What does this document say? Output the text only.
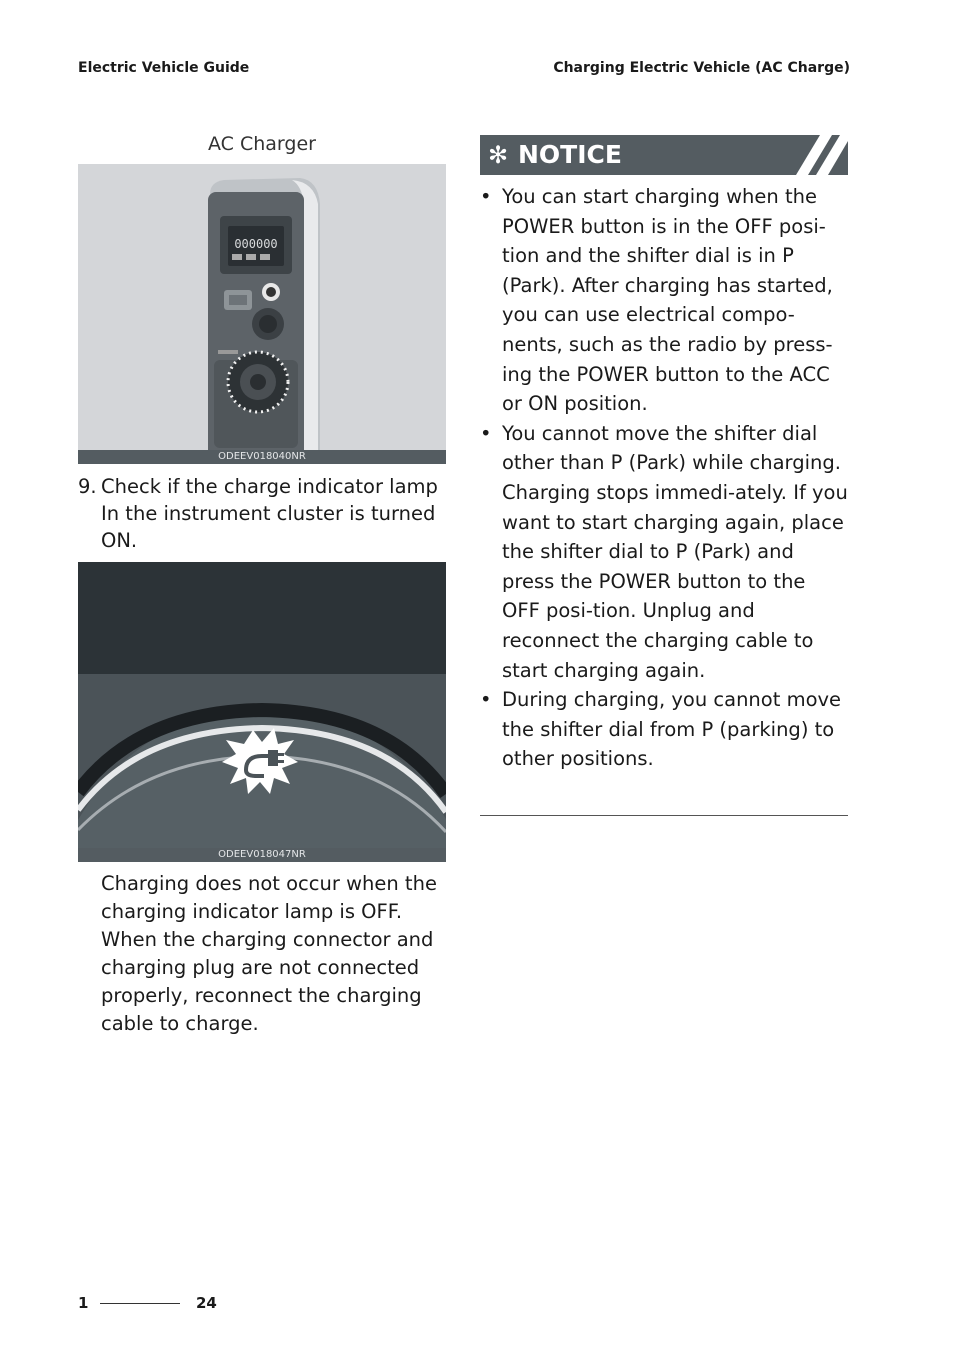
Electric Vehicle Guide	Charging Electric Vehicle (AC Charge)
AC Charger
000000
ODEEV018040NR
9. Check if the charge indicator lamp In the instrument cluster is turned ON.
ODEEV018047NR
Charging does not occur when the charging indicator lamp is OFF. When the charging connector and charging plug are not connected properly, reconnect the charging cable to charge.
✻ NOTICE
• You can start charging when the POWER button is in the OFF posi-tion and the shifter dial is in P (Park). After charging has started, you can use electrical compo-nents, such as the radio by press-ing the POWER button to the ACC or ON position.
• You cannot move the shifter dial other than P (Park) while charging. Charging stops immedi-ately. If you want to start charging again, place the shifter dial to P (Park) and press the POWER button to the OFF posi-tion. Unplug and reconnect the charging cable to start charging again.
• During charging, you cannot move the shifter dial from P (parking) to other positions.
1	24
